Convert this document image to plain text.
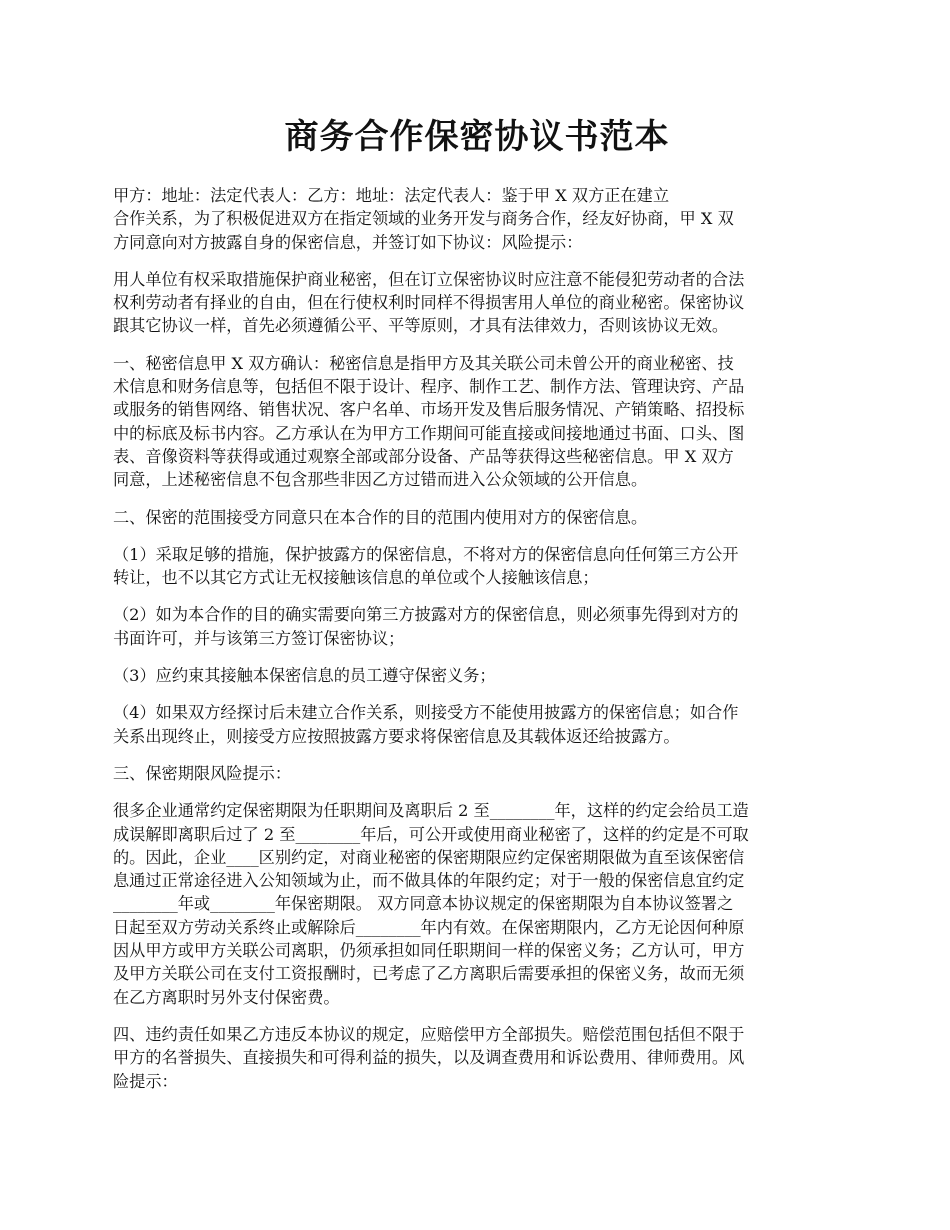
商务合作保密协议书范本

甲方：地址：法定代表人：乙方：地址：法定代表人：鉴于甲 X 双方正在建立
合作关系，为了积极促进双方在指定领域的业务开发与商务合作，经友好协商，甲 X 双
方同意向对方披露自身的保密信息，并签订如下协议：风险提示：

用人单位有权采取措施保护商业秘密，但在订立保密协议时应注意不能侵犯劳动者的合法
权利劳动者有择业的自由，但在行使权利时同样不得损害用人单位的商业秘密。保密协议
跟其它协议一样，首先必须遵循公平、平等原则，才具有法律效力，否则该协议无效。

一、秘密信息甲 X 双方确认：秘密信息是指甲方及其关联公司未曾公开的商业秘密、技
术信息和财务信息等，包括但不限于设计、程序、制作工艺、制作方法、管理诀窍、产品
或服务的销售网络、销售状况、客户名单、市场开发及售后服务情况、产销策略、招投标
中的标底及标书内容。乙方承认在为甲方工作期间可能直接或间接地通过书面、口头、图
表、音像资料等获得或通过观察全部或部分设备、产品等获得这些秘密信息。甲 X 双方
同意，上述秘密信息不包含那些非因乙方过错而进入公众领域的公开信息。

二、保密的范围接受方同意只在本合作的目的范围内使用对方的保密信息。

（1）采取足够的措施，保护披露方的保密信息，不将对方的保密信息向任何第三方公开
转让，也不以其它方式让无权接触该信息的单位或个人接触该信息；

（2）如为本合作的目的确实需要向第三方披露对方的保密信息，则必须事先得到对方的
书面许可，并与该第三方签订保密协议；

（3）应约束其接触本保密信息的员工遵守保密义务；

（4）如果双方经探讨后未建立合作关系，则接受方不能使用披露方的保密信息；如合作
关系出现终止，则接受方应按照披露方要求将保密信息及其载体返还给披露方。

三、保密期限风险提示：

很多企业通常约定保密期限为任职期间及离职后 2 至________年，这样的约定会给员工造
成误解即离职后过了 2 至________年后，可公开或使用商业秘密了，这样的约定是不可取
的。因此，企业____区别约定，对商业秘密的保密期限应约定保密期限做为直至该保密信
息通过正常途径进入公知领域为止，而不做具体的年限约定；对于一般的保密信息宜约定
________年或________年保密期限。 双方同意本协议规定的保密期限为自本协议签署之
日起至双方劳动关系终止或解除后________年内有效。在保密期限内，乙方无论因何种原
因从甲方或甲方关联公司离职，仍须承担如同任职期间一样的保密义务；乙方认可，甲方
及甲方关联公司在支付工资报酬时，已考虑了乙方离职后需要承担的保密义务，故而无须
在乙方离职时另外支付保密费。

四、违约责任如果乙方违反本协议的规定，应赔偿甲方全部损失。赔偿范围包括但不限于
甲方的名誉损失、直接损失和可得利益的损失，以及调查费用和诉讼费用、律师费用。风
险提示：
